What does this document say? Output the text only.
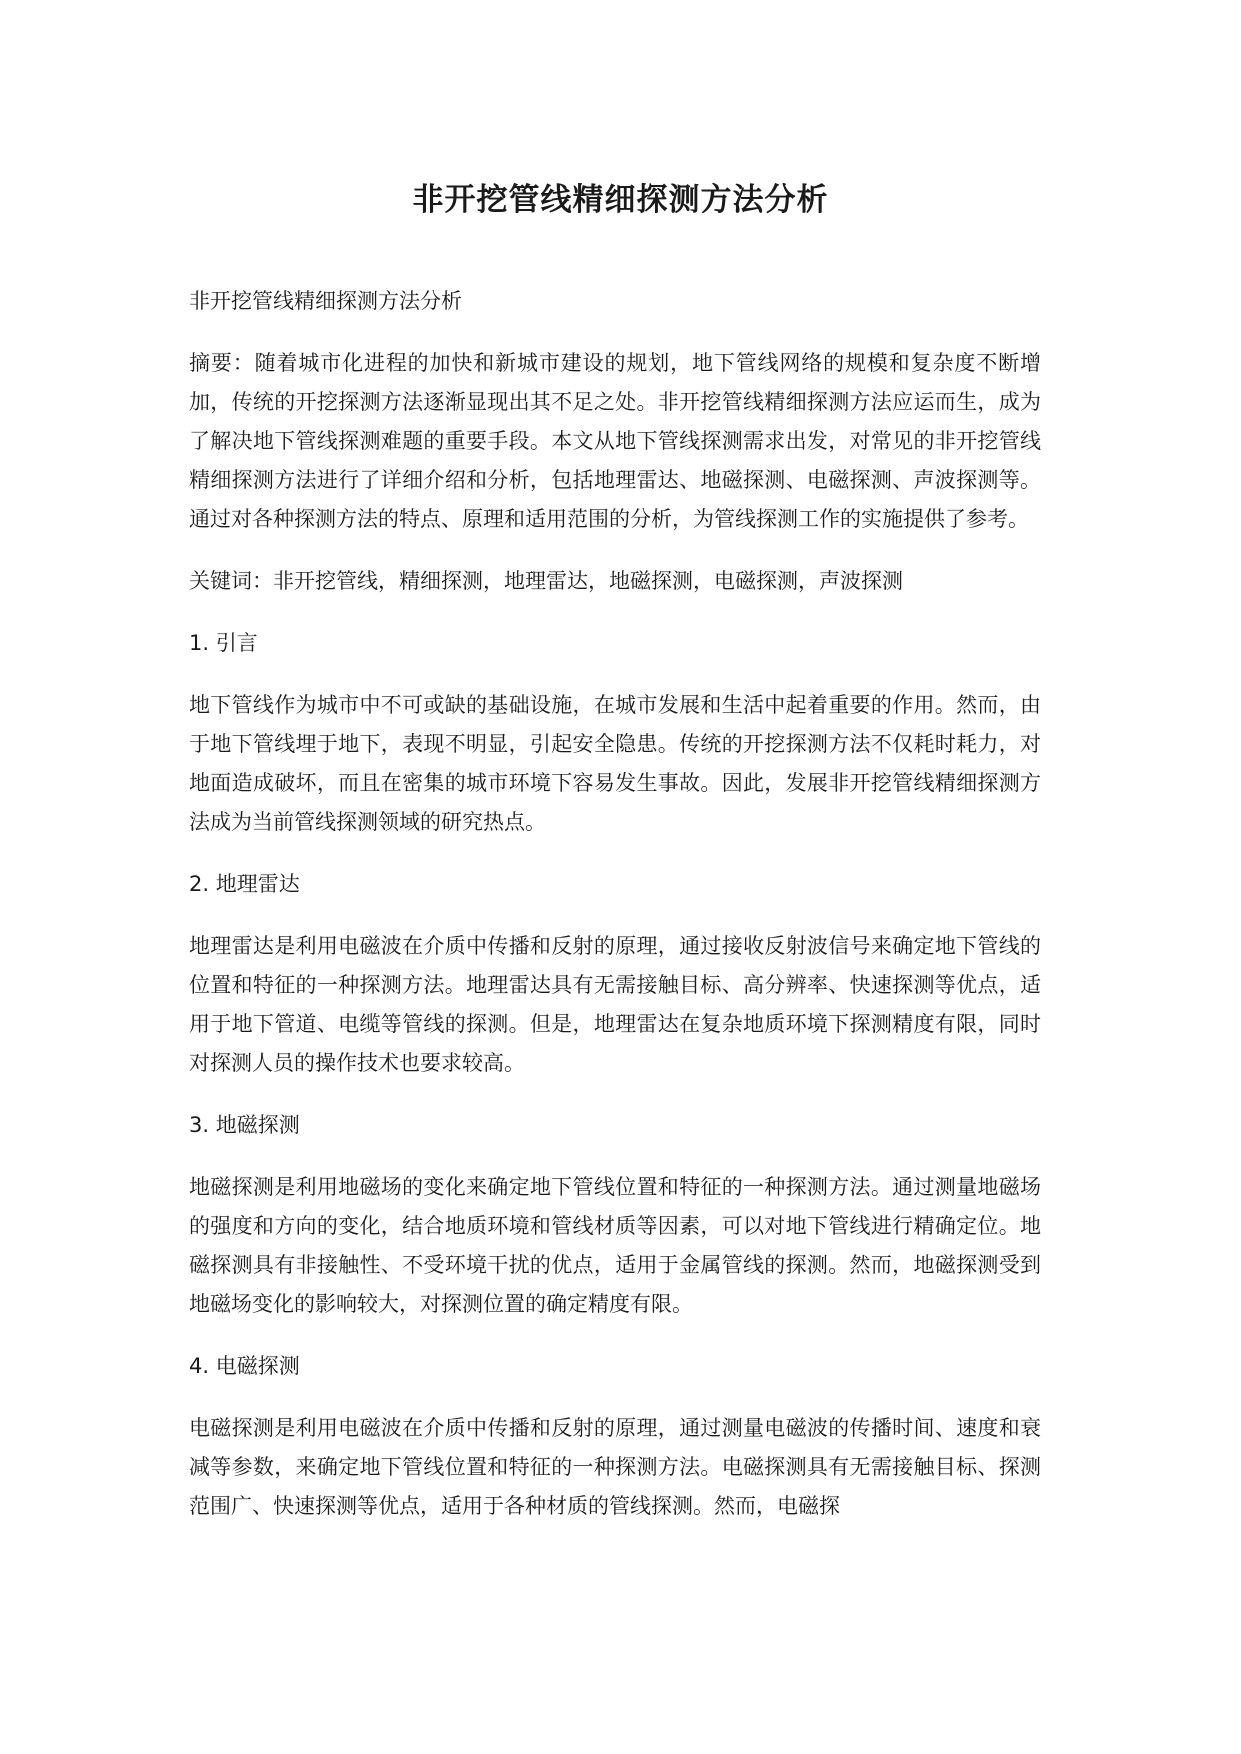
非开挖管线精细探测方法分析

非开挖管线精细探测方法分析

摘要：随着城市化进程的加快和新城市建设的规划，地下管线网络的规模和复杂度不断增加，传统的开挖探测方法逐渐显现出其不足之处。非开挖管线精细探测方法应运而生，成为了解决地下管线探测难题的重要手段。本文从地下管线探测需求出发，对常见的非开挖管线精细探测方法进行了详细介绍和分析，包括地理雷达、地磁探测、电磁探测、声波探测等。通过对各种探测方法的特点、原理和适用范围的分析，为管线探测工作的实施提供了参考。

关键词：非开挖管线，精细探测，地理雷达，地磁探测，电磁探测，声波探测

1. 引言

地下管线作为城市中不可或缺的基础设施，在城市发展和生活中起着重要的作用。然而，由于地下管线埋于地下，表现不明显，引起安全隐患。传统的开挖探测方法不仅耗时耗力，对地面造成破坏，而且在密集的城市环境下容易发生事故。因此，发展非开挖管线精细探测方法成为当前管线探测领域的研究热点。

2. 地理雷达

地理雷达是利用电磁波在介质中传播和反射的原理，通过接收反射波信号来确定地下管线的位置和特征的一种探测方法。地理雷达具有无需接触目标、高分辨率、快速探测等优点，适用于地下管道、电缆等管线的探测。但是，地理雷达在复杂地质环境下探测精度有限，同时对探测人员的操作技术也要求较高。

3. 地磁探测

地磁探测是利用地磁场的变化来确定地下管线位置和特征的一种探测方法。通过测量地磁场的强度和方向的变化，结合地质环境和管线材质等因素，可以对地下管线进行精确定位。地磁探测具有非接触性、不受环境干扰的优点，适用于金属管线的探测。然而，地磁探测受到地磁场变化的影响较大，对探测位置的确定精度有限。

4. 电磁探测

电磁探测是利用电磁波在介质中传播和反射的原理，通过测量电磁波的传播时间、速度和衰减等参数，来确定地下管线位置和特征的一种探测方法。电磁探测具有无需接触目标、探测范围广、快速探测等优点，适用于各种材质的管线探测。然而，电磁探
